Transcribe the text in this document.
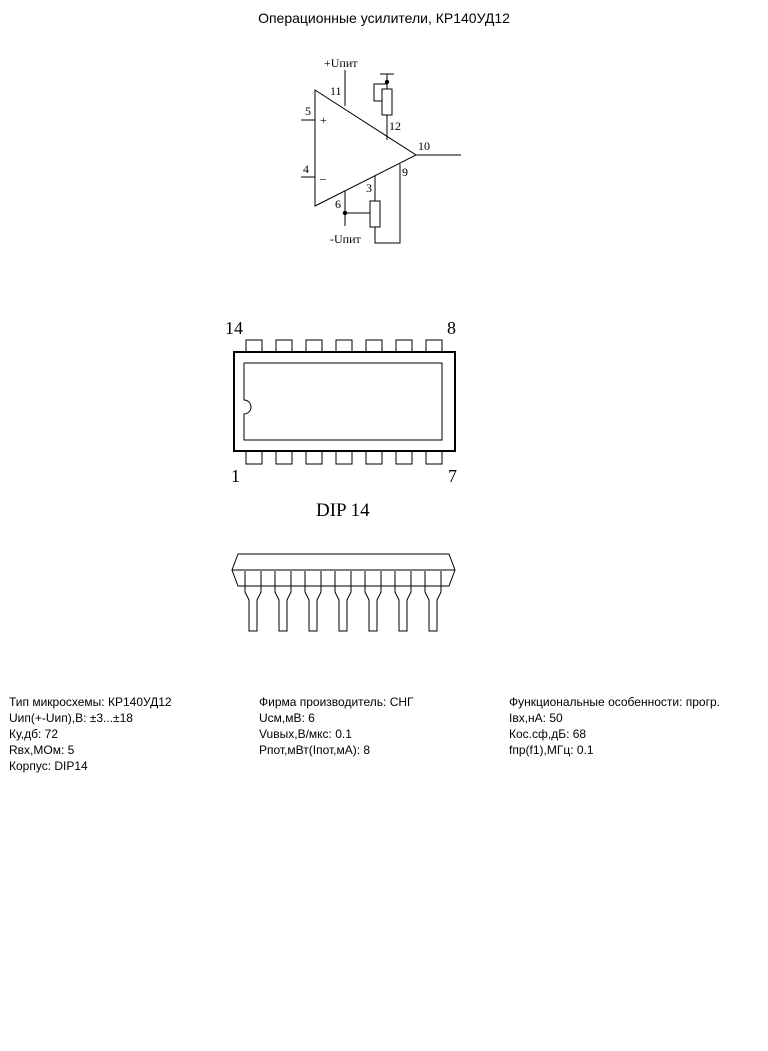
Операционные усилители, КР140УД12
+Uпит
-Uпит
+
–
11
5
4
12
10
3
9
6
14	8
1	7
DIP 14
Тип микросхемы: КР140УД12
Uип(+-Uип),В: ±3...±18
Ку,дб: 72
Rвх,МОм: 5
Корпус: DIP14
Фирма производитель: СНГ
Uсм,мВ: 6
Vuвых,В/мкс: 0.1
Рпот,мВт(Iпот,мА): 8
Функциональные особенности: прогр.
Iвх,нА: 50
Кос.сф,дБ: 68
fпр(f1),МГц: 0.1
